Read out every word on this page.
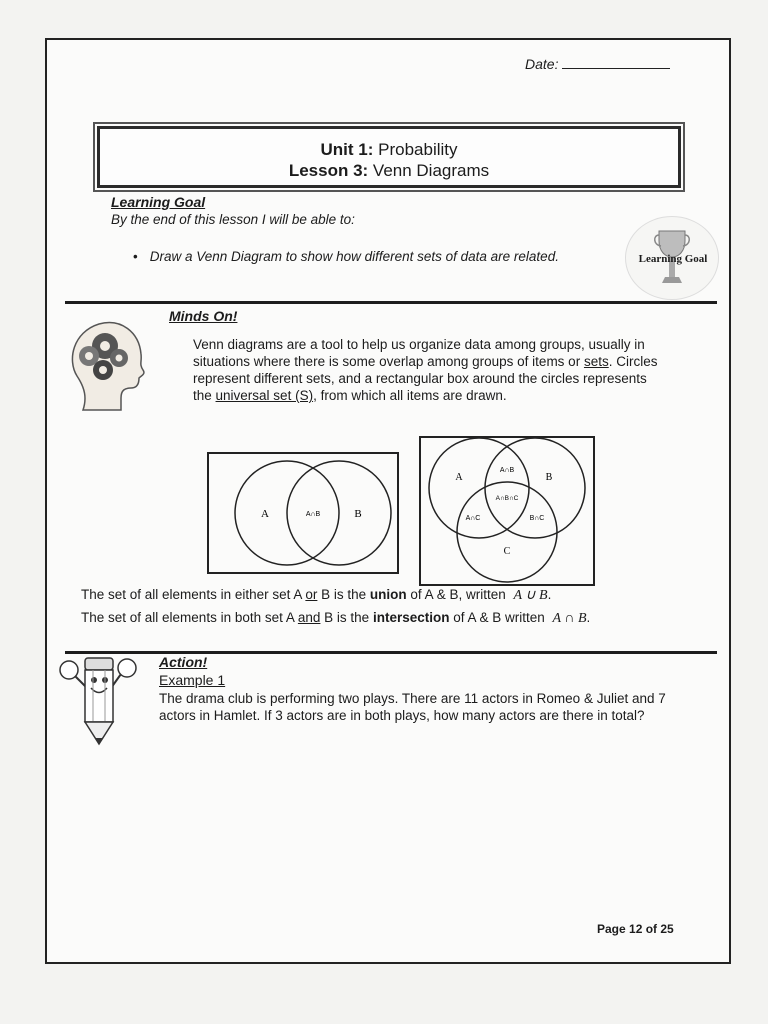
Date:
Unit 1: Probability
Lesson 3: Venn Diagrams
Learning Goal
By the end of this lesson I will be able to:
• Draw a Venn Diagram to show how different sets of data are related.	Learning Goal
Minds On!
Venn diagrams are a tool to help us organize data among groups, usually in situations where there is some overlap among groups of items or sets. Circles represent different sets, and a rectangular box around the circles represents the universal set (S), from which all items are drawn.
A	A∩B	B
A
A∩B
B
A∩B∩C
A∩C	B∩C
C
The set of all elements in either set A or B is the union of A & B, written A ∪ B.
The set of all elements in both set A and B is the intersection of A & B written A ∩ B.
Action!
Example 1
The drama club is performing two plays. There are 11 actors in Romeo & Juliet and 7 actors in Hamlet. If 3 actors are in both plays, how many actors are there in total?
Page 12 of 25
